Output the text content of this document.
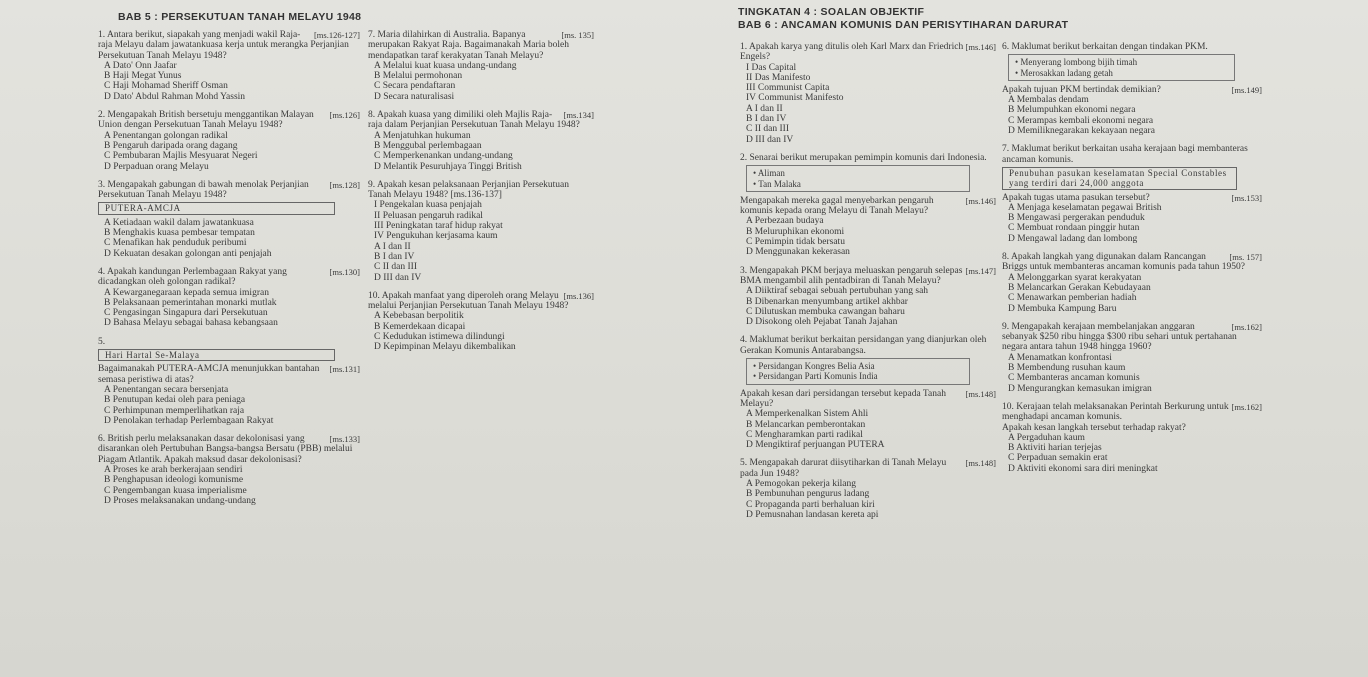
BAB 5 : PERSEKUTUAN TANAH MELAYU 1948
[ms.126-127]
1. Antara berikut, siapakah yang menjadi wakil Raja-raja Melayu dalam jawatankuasa kerja untuk merangka Perjanjian Persekutuan Tanah Melayu 1948?
A Dato' Onn Jaafar
B Haji Megat Yunus
C Haji Mohamad Sheriff Osman
D Dato' Abdul Rahman Mohd Yassin
[ms.126]
2. Mengapakah British bersetuju menggantikan Malayan Union dengan Persekutuan Tanah Melayu 1948?
A Penentangan golongan radikal
B Pengaruh daripada orang dagang
C Pembubaran Majlis Mesyuarat Negeri
D Perpaduan orang Melayu
[ms.128]
3. Mengapakah gabungan di bawah menolak Perjanjian Persekutuan Tanah Melayu 1948?
PUTERA-AMCJA
A Ketiadaan wakil dalam jawatankuasa
B Menghakis kuasa pembesar tempatan
C Menafikan hak penduduk peribumi
D Kekuatan desakan golongan anti penjajah
[ms.130]
4. Apakah kandungan Perlembagaan Rakyat yang dicadangkan oleh golongan radikal?
A Kewarganegaraan kepada semua imigran
B Pelaksanaan pemerintahan monarki mutlak
C Pengasingan Singapura dari Persekutuan
D Bahasa Melayu sebagai bahasa kebangsaan
5.
Hari Hartal Se-Malaya
[ms.131]
Bagaimanakah PUTERA-AMCJA menunjukkan bantahan semasa peristiwa di atas?
A Penentangan secara bersenjata
B Penutupan kedai oleh para peniaga
C Perhimpunan memperlihatkan raja
D Penolakan terhadap Perlembagaan Rakyat
[ms.133]
6. British perlu melaksanakan dasar dekolonisasi yang disarankan oleh Pertubuhan Bangsa-bangsa Bersatu (PBB) melalui Piagam Atlantik. Apakah maksud dasar dekolonisasi?
A Proses ke arah berkerajaan sendiri
B Penghapusan ideologi komunisme
C Pengembangan kuasa imperialisme
D Proses melaksanakan undang-undang
[ms. 135]
7. Maria dilahirkan di Australia. Bapanya merupakan Rakyat Raja. Bagaimanakah Maria boleh mendapatkan taraf kerakyatan Tanah Melayu?
A Melalui kuat kuasa undang-undang
B Melalui permohonan
C Secara pendaftaran
D Secara naturalisasi
[ms.134]
8. Apakah kuasa yang dimiliki oleh Majlis Raja-raja dalam Perjanjian Persekutuan Tanah Melayu 1948?
A Menjatuhkan hukuman
B Menggubal perlembagaan
C Memperkenankan undang-undang
D Melantik Pesuruhjaya Tinggi British
9. Apakah kesan pelaksanaan Perjanjian Persekutuan Tanah Melayu 1948? [ms.136-137]
I Pengekalan kuasa penjajah
II Peluasan pengaruh radikal
III Peningkatan taraf hidup rakyat
IV Pengukuhan kerjasama kaum
A I dan II
B I dan IV
C II dan III
D III dan IV
[ms.136]
10. Apakah manfaat yang diperoleh orang Melayu melalui Perjanjian Persekutuan Tanah Melayu 1948?
A Kebebasan berpolitik
B Kemerdekaan dicapai
C Kedudukan istimewa dilindungi
D Kepimpinan Melayu dikembalikan
TINGKATAN 4 : SOALAN OBJEKTIF
BAB 6 : ANCAMAN KOMUNIS DAN PERISYTIHARAN DARURAT
[ms.146]
1. Apakah karya yang ditulis oleh Karl Marx dan Friedrich Engels?
I Das Capital
II Das Manifesto
III Communist Capita
IV Communist Manifesto
A I dan II
B I dan IV
C II dan III
D III dan IV
2. Senarai berikut merupakan pemimpin komunis dari Indonesia.
• Aliman
• Tan Malaka
[ms.146]
Mengapakah mereka gagal menyebarkan pengaruh komunis kepada orang Melayu di Tanah Melayu?
A Perbezaan budaya
B Meluruphikan ekonomi
C Pemimpin tidak bersatu
D Menggunakan kekerasan
[ms.147]
3. Mengapakah PKM berjaya meluaskan pengaruh selepas BMA mengambil alih pentadbiran di Tanah Melayu?
A Diiktiraf sebagai sebuah pertubuhan yang sah
B Dibenarkan menyumbang artikel akhbar
C Dilutuskan membuka cawangan baharu
D Disokong oleh Pejabat Tanah Jajahan
4. Maklumat berikut berkaitan persidangan yang dianjurkan oleh Gerakan Komunis Antarabangsa.
• Persidangan Kongres Belia Asia
• Persidangan Parti Komunis India
[ms.148]
Apakah kesan dari persidangan tersebut kepada Tanah Melayu?
A Memperkenalkan Sistem Ahli
B Melancarkan pemberontakan
C Mengharamkan parti radikal
D Mengiktiraf perjuangan PUTERA
[ms.148]
5. Mengapakah darurat diisytiharkan di Tanah Melayu pada Jun 1948?
A Pemogokan pekerja kilang
B Pembunuhan pengurus ladang
C Propaganda parti berhaluan kiri
D Pemusnahan landasan kereta api
6. Maklumat berikut berkaitan dengan tindakan PKM.
• Menyerang lombong bijih timah
• Merosakkan ladang getah
[ms.149]
Apakah tujuan PKM bertindak demikian?
A Membalas dendam
B Melumpuhkan ekonomi negara
C Merampas kembali ekonomi negara
D Memiliknegarakan kekayaan negara
7. Maklumat berikut berkaitan usaha kerajaan bagi membanteras ancaman komunis.
Penubuhan pasukan keselamatan Special Constables yang terdiri dari 24,000 anggota
[ms.153]
Apakah tugas utama pasukan tersebut?
A Menjaga keselamatan pegawai British
B Mengawasi pergerakan penduduk
C Membuat rondaan pinggir hutan
D Mengawal ladang dan lombong
[ms. 157]
8. Apakah langkah yang digunakan dalam Rancangan Briggs untuk membanteras ancaman komunis pada tahun 1950?
A Melonggarkan syarat kerakyatan
B Melancarkan Gerakan Kebudayaan
C Menawarkan pemberian hadiah
D Membuka Kampung Baru
[ms.162]
9. Mengapakah kerajaan membelanjakan anggaran sebanyak $250 ribu hingga $300 ribu sehari untuk pertahanan negara antara tahun 1948 hingga 1960?
A Menamatkan konfrontasi
B Membendung rusuhan kaum
C Membanteras ancaman komunis
D Mengurangkan kemasukan imigran
[ms.162]
10. Kerajaan telah melaksanakan Perintah Berkurung untuk menghadapi ancaman komunis.
Apakah kesan langkah tersebut terhadap rakyat?
A Pergaduhan kaum
B Aktiviti harian terjejas
C Perpaduan semakin erat
D Aktiviti ekonomi sara diri meningkat
